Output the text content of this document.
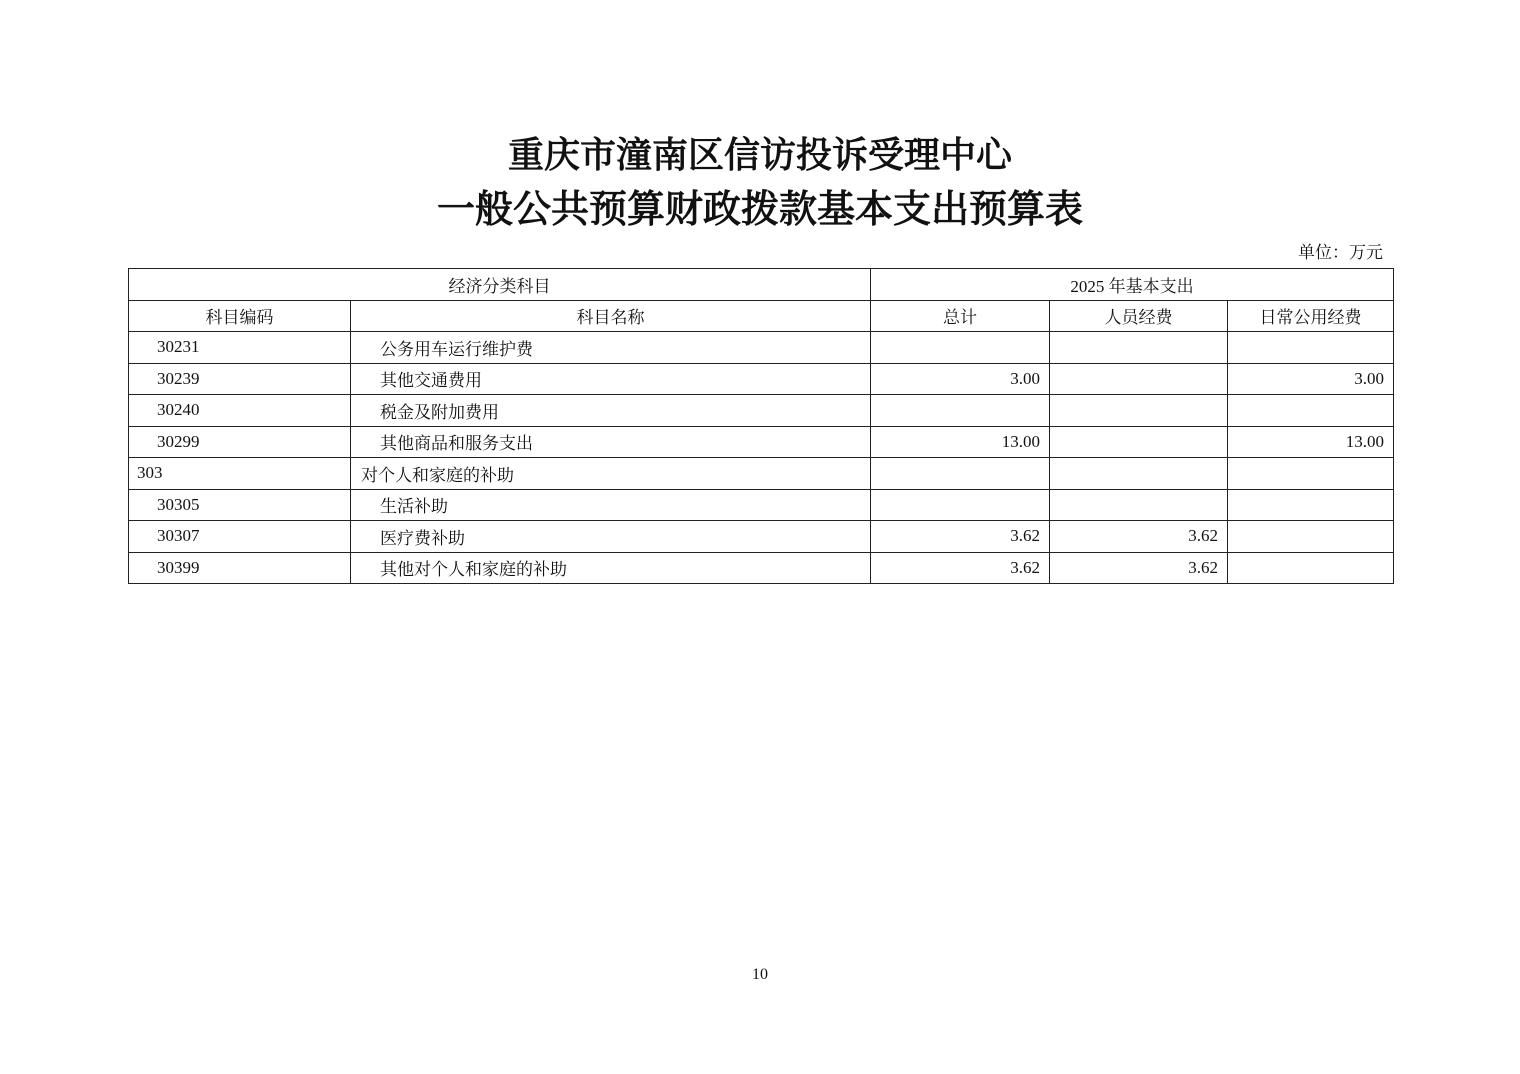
重庆市潼南区信访投诉受理中心
一般公共预算财政拨款基本支出预算表
单位：万元
经济分类科目		2025 年基本支出		
科目编码	科目名称	总计	人员经费	日常公用经费
30231	公务用车运行维护费			
30239	其他交通费用	3.00		3.00
30240	税金及附加费用			
30299	其他商品和服务支出	13.00		13.00
303	对个人和家庭的补助			
30305	生活补助			
30307	医疗费补助	3.62	3.62	
30399	其他对个人和家庭的补助	3.62	3.62	
10
